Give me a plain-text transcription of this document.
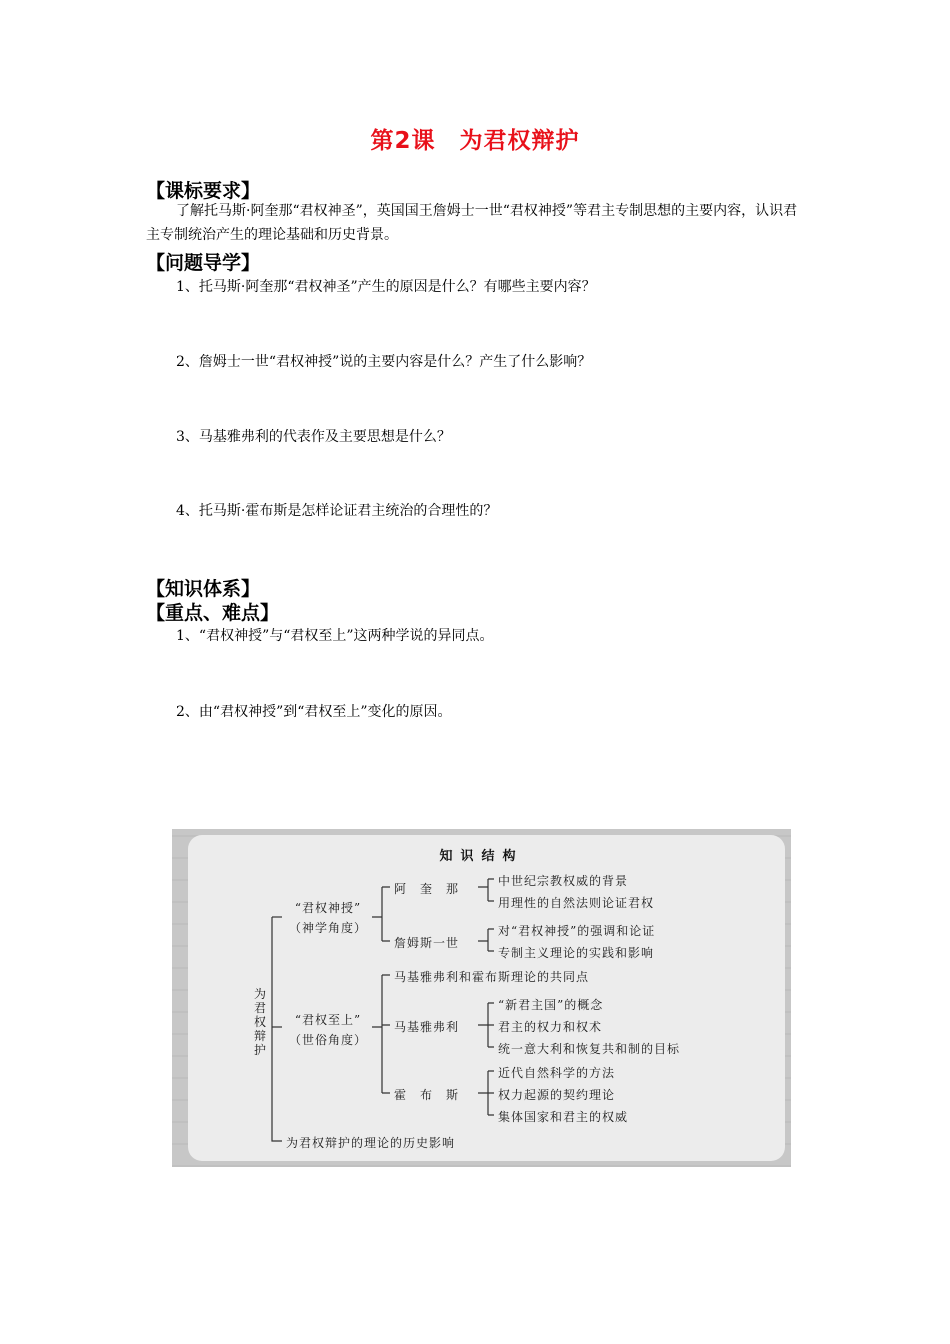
第2课　为君权辩护
【课标要求】
了解托马斯·阿奎那“君权神圣”，英国国王詹姆士一世“君权神授”等君主专制思想的主要内容，认识君主专制统治产生的理论基础和历史背景。
【问题导学】
1、托马斯·阿奎那“君权神圣”产生的原因是什么？有哪些主要内容？
2、詹姆士一世“君权神授”说的主要内容是什么？产生了什么影响？
3、马基雅弗利的代表作及主要思想是什么？
4、托马斯·霍布斯是怎样论证君主统治的合理性的？
【知识体系】
【重点、难点】
1、“君权神授”与“君权至上”这两种学说的异同点。
2、由“君权神授”到“君权至上”变化的原因。
知识结构
为君权辩护
“君权神授”
（神学角度）
阿　奎　那
中世纪宗教权威的背景
用理性的自然法则论证君权
詹姆斯一世
对“君权神授”的强调和论证
专制主义理论的实践和影响
“君权至上”
（世俗角度）
马基雅弗利和霍布斯理论的共同点
马基雅弗利
“新君主国”的概念
君主的权力和权术
统一意大利和恢复共和制的目标
霍　布　斯
近代自然科学的方法
权力起源的契约理论
集体国家和君主的权威
为君权辩护的理论的历史影响
